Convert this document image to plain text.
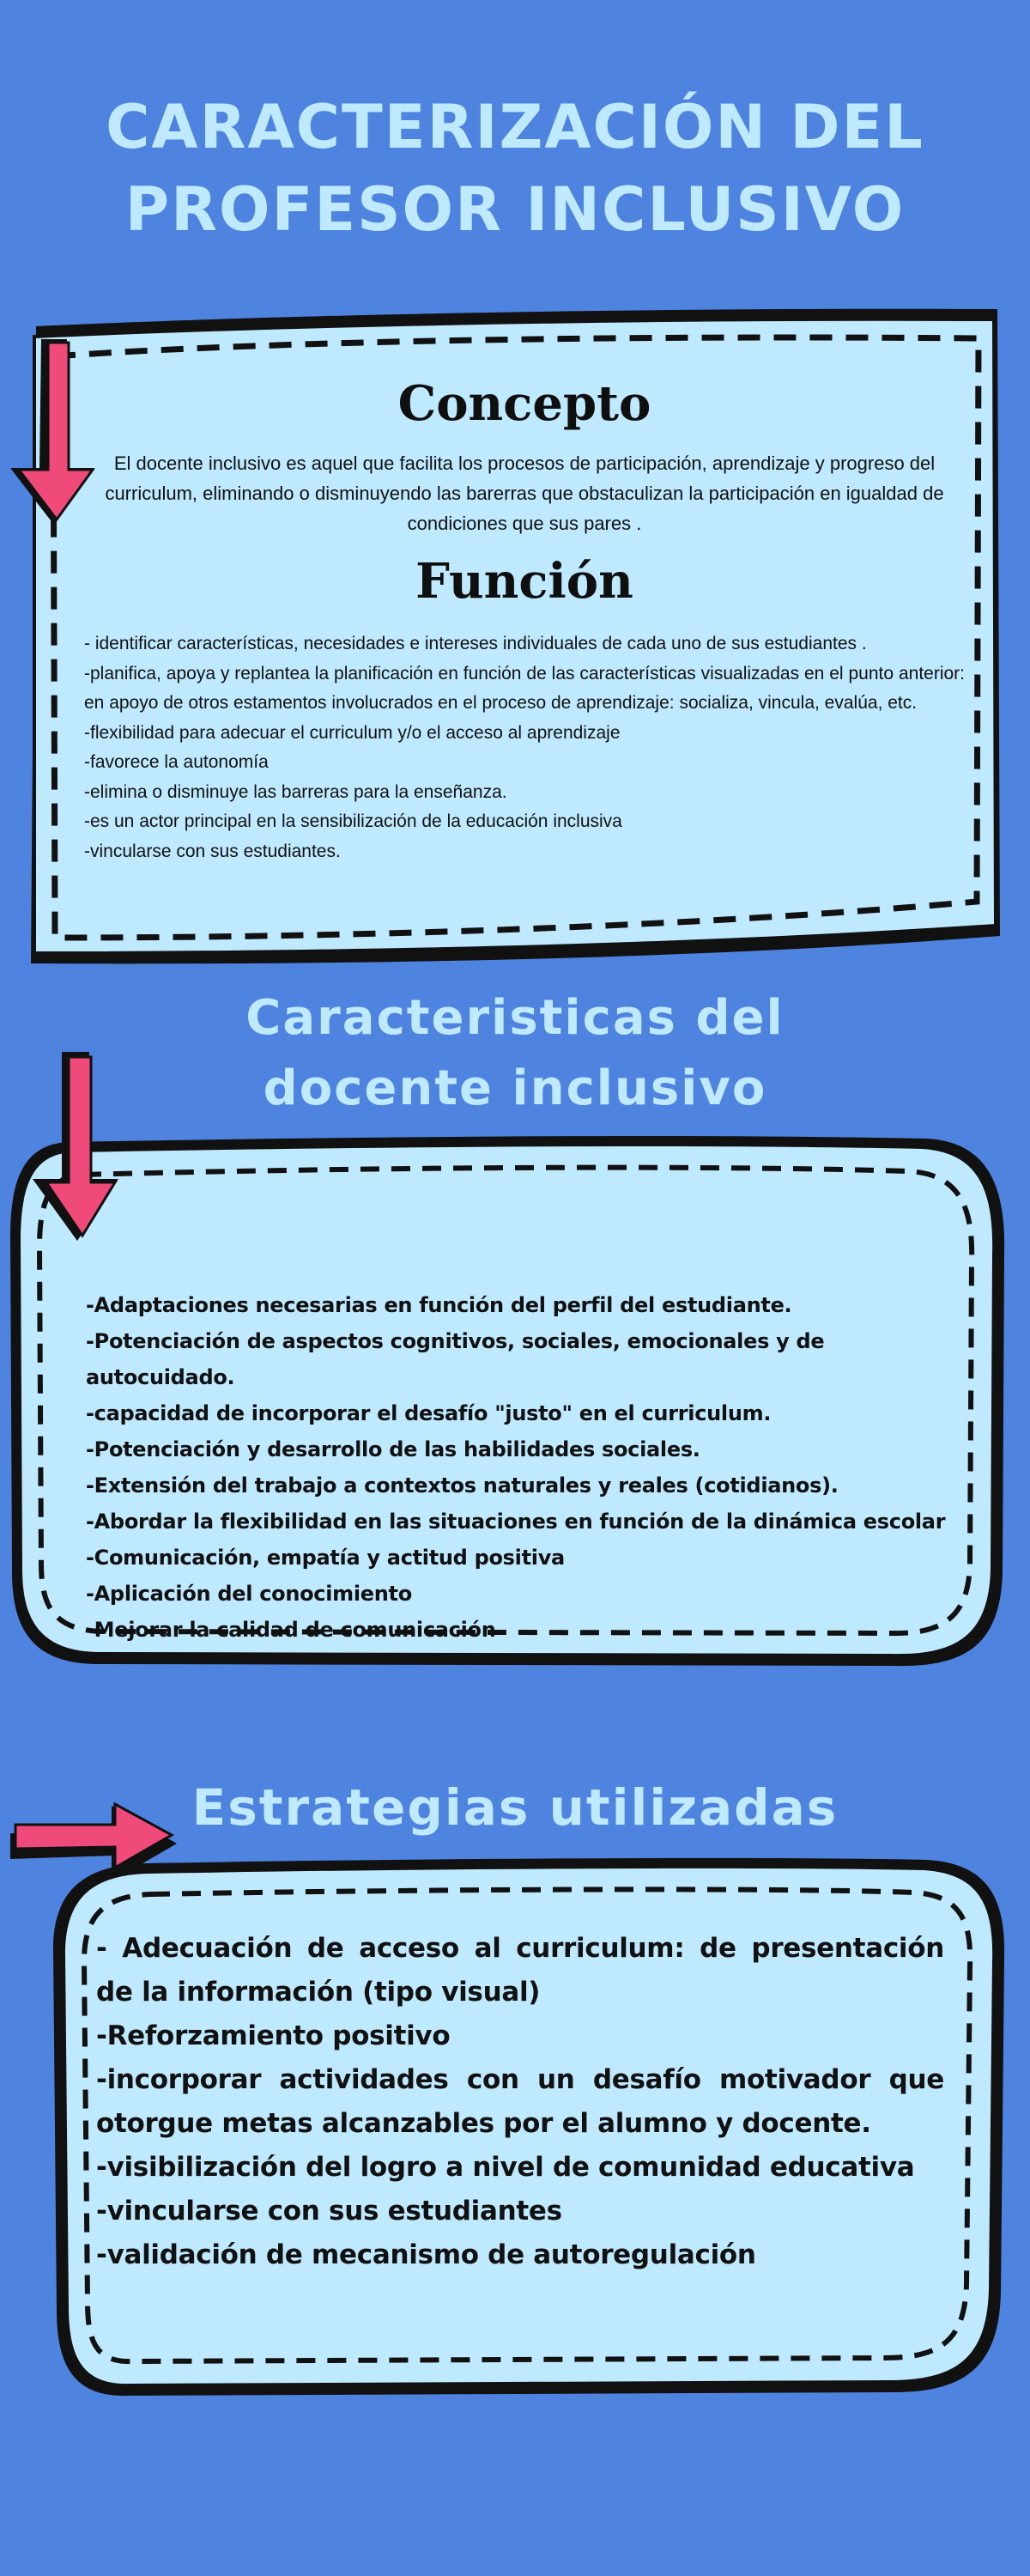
CARACTERIZACIÓN DEL
PROFESOR INCLUSIVO
Concepto

El docente inclusivo es aquel que facilita los procesos de participación, aprendizaje y progreso del curriculum, eliminando o disminuyendo las barerras que obstaculizan la participación en igualdad de condiciones que sus pares .

Función
- identificar características, necesidades e intereses individuales de cada uno de sus estudiantes .
-planifica, apoya y replantea la planificación en función de las características visualizadas en el punto anterior: en apoyo de otros estamentos involucrados en el proceso de aprendizaje: socializa, vincula, evalúa, etc.
-flexibilidad para adecuar el curriculum y/o el acceso al aprendizaje
-favorece la autonomía
-elimina o disminuye las barreras para la enseñanza.
-es un actor principal en la sensibilización de la educación inclusiva
-vincularse con sus estudiantes.
Caracteristicas del
docente inclusivo
-Adaptaciones necesarias en función del perfil del estudiante.
-Potenciación de aspectos cognitivos, sociales, emocionales y de autocuidado.
-capacidad de incorporar el desafío "justo" en el curriculum.
-Potenciación y desarrollo de las habilidades sociales.
-Extensión del trabajo a contextos naturales y reales (cotidianos).
-Abordar la flexibilidad en las situaciones en función de la dinámica escolar
-Comunicación, empatía y actitud positiva
-Aplicación del conocimiento
-Mejorar la calidad de comunicación
Estrategias utilizadas
- Adecuación de acceso al curriculum: de presentación de la información (tipo visual)
-Reforzamiento positivo
-incorporar actividades con un desafío motivador que otorgue metas alcanzables por el alumno y docente.
-visibilización del logro a nivel de comunidad educativa
-vincularse con sus estudiantes
-validación de mecanismo de autoregulación
